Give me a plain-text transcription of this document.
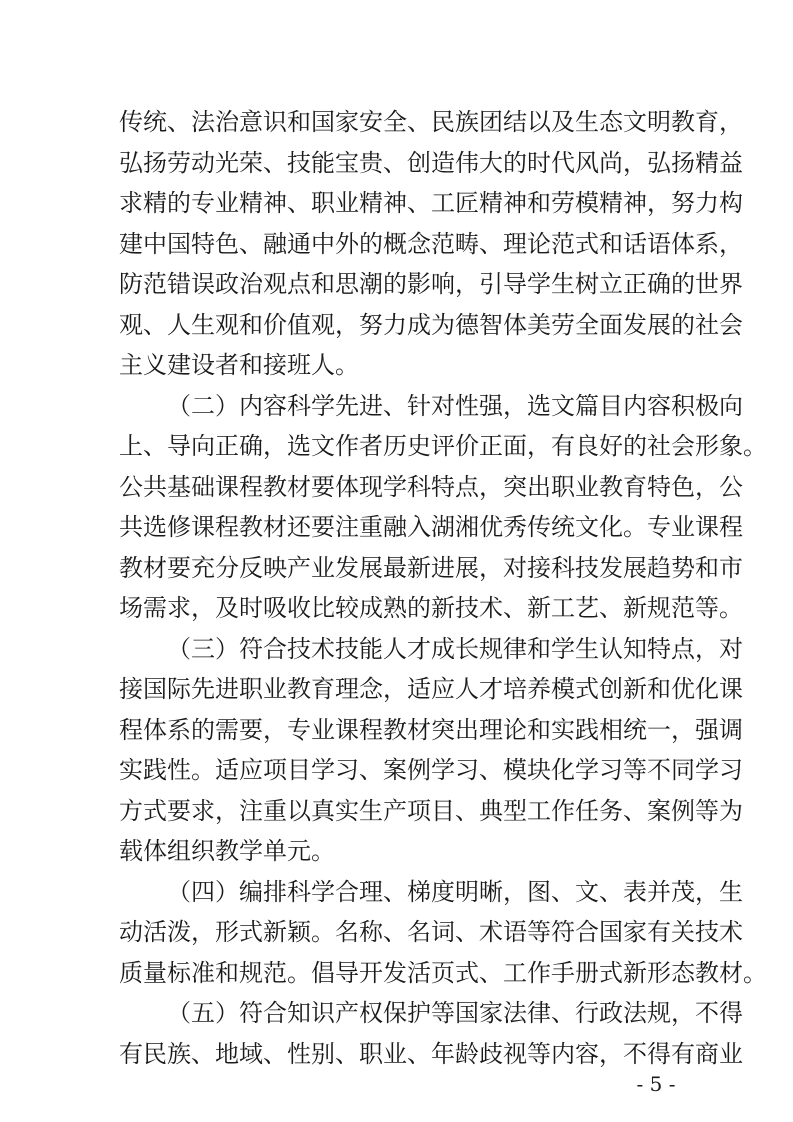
传统、法治意识和国家安全、民族团结以及生态文明教育，
弘扬劳动光荣、技能宝贵、创造伟大的时代风尚，弘扬精益
求精的专业精神、职业精神、工匠精神和劳模精神，努力构
建中国特色、融通中外的概念范畴、理论范式和话语体系，
防范错误政治观点和思潮的影响，引导学生树立正确的世界
观、人生观和价值观，努力成为德智体美劳全面发展的社会
主义建设者和接班人。
（二）内容科学先进、针对性强，选文篇目内容积极向
上、导向正确，选文作者历史评价正面，有良好的社会形象。
公共基础课程教材要体现学科特点，突出职业教育特色，公
共选修课程教材还要注重融入湖湘优秀传统文化。专业课程
教材要充分反映产业发展最新进展，对接科技发展趋势和市
场需求，及时吸收比较成熟的新技术、新工艺、新规范等。
（三）符合技术技能人才成长规律和学生认知特点，对
接国际先进职业教育理念，适应人才培养模式创新和优化课
程体系的需要，专业课程教材突出理论和实践相统一，强调
实践性。适应项目学习、案例学习、模块化学习等不同学习
方式要求，注重以真实生产项目、典型工作任务、案例等为
载体组织教学单元。
（四）编排科学合理、梯度明晰，图、文、表并茂，生
动活泼，形式新颖。名称、名词、术语等符合国家有关技术
质量标准和规范。倡导开发活页式、工作手册式新形态教材。
- 5 -
（五）符合知识产权保护等国家法律、行政法规，不得
有民族、地域、性别、职业、年龄歧视等内容，不得有商业
